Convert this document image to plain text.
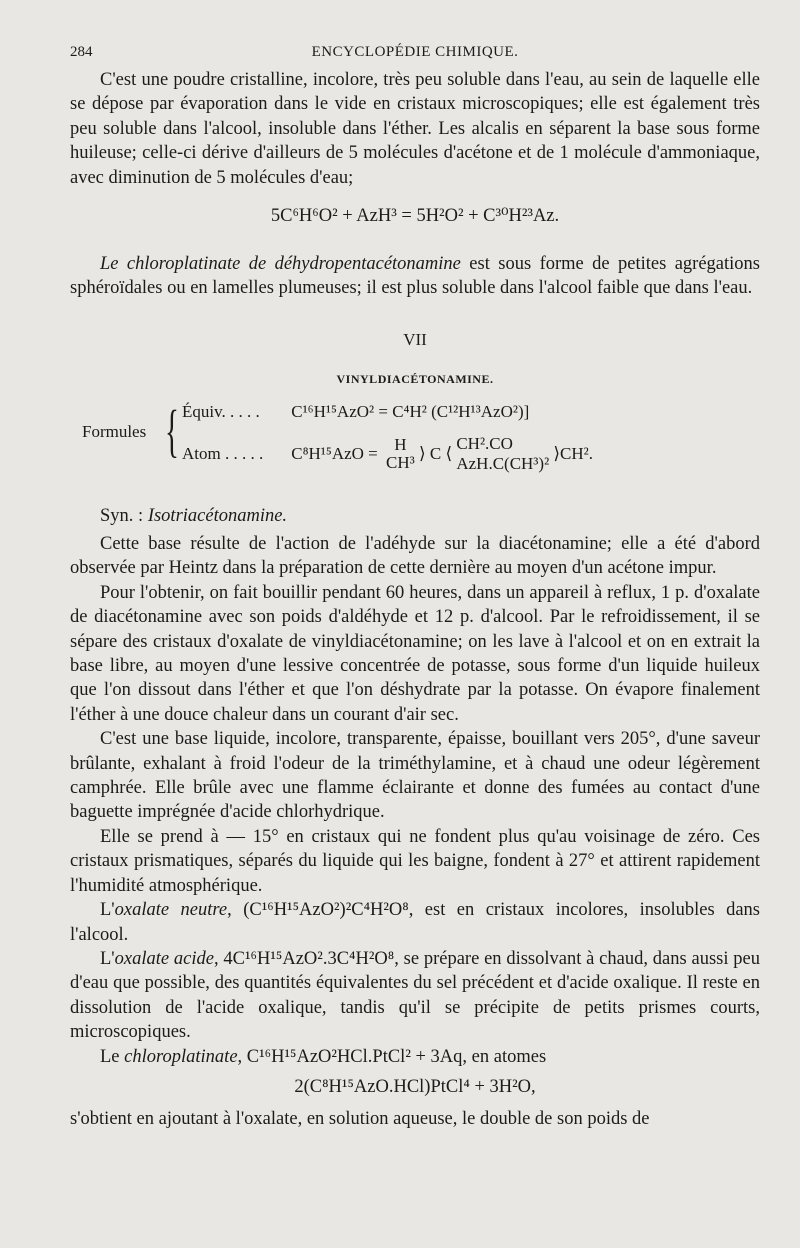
284	ENCYCLOPÉDIE CHIMIQUE.

C'est une poudre cristalline, incolore, très peu soluble dans l'eau, au sein de laquelle elle se dépose par évaporation dans le vide en cristaux microscopiques; elle est également très peu soluble dans l'alcool, insoluble dans l'éther. Les alcalis en séparent la base sous forme huileuse; celle-ci dérive d'ailleurs de 5 molécules d'acétone et de 1 molécule d'ammoniaque, avec diminution de 5 molécules d'eau;

5C⁶H⁶O² + AzH³ = 5H²O² + C³⁰H²³Az.

Le chloroplatinate de déhydropentacétonamine est sous forme de petites agrégations sphéroïdales ou en lamelles plumeuses; il est plus soluble dans l'alcool faible que dans l'eau.

VII
VINYLDIACÉTONAMINE.
Formules { Équiv. . . . . C¹⁶H¹⁵AzO² = C⁴H² (C¹²H¹³AzO²)]
Atom . . . . . C⁸H¹⁵AzO = H
CH³ ⟩ C ⟨
CH².CO
AzH.C(CH³)²
⟩CH².
Syn. : Isotriacétonamine.

Cette base résulte de l'action de l'adéhyde sur la diacétonamine; elle a été d'abord observée par Heintz dans la préparation de cette dernière au moyen d'un acétone impur.

Pour l'obtenir, on fait bouillir pendant 60 heures, dans un appareil à reflux, 1 p. d'oxalate de diacétonamine avec son poids d'aldéhyde et 12 p. d'alcool. Par le refroidissement, il se sépare des cristaux d'oxalate de vinyldiacétonamine; on les lave à l'alcool et on en extrait la base libre, au moyen d'une lessive concentrée de potasse, sous forme d'un liquide huileux que l'on dissout dans l'éther et que l'on déshydrate par la potasse. On évapore finalement l'éther à une douce chaleur dans un courant d'air sec.

C'est une base liquide, incolore, transparente, épaisse, bouillant vers 205°, d'une saveur brûlante, exhalant à froid l'odeur de la triméthylamine, et à chaud une odeur légèrement camphrée. Elle brûle avec une flamme éclairante et donne des fumées au contact d'une baguette imprégnée d'acide chlorhydrique.

Elle se prend à — 15° en cristaux qui ne fondent plus qu'au voisinage de zéro. Ces cristaux prismatiques, séparés du liquide qui les baigne, fondent à 27° et attirent rapidement l'humidité atmosphérique.

L'oxalate neutre, (C¹⁶H¹⁵AzO²)²C⁴H²O⁸, est en cristaux incolores, insolubles dans l'alcool.

L'oxalate acide, 4C¹⁶H¹⁵AzO².3C⁴H²O⁸, se prépare en dissolvant à chaud, dans aussi peu d'eau que possible, des quantités équivalentes du sel précédent et d'acide oxalique. Il reste en dissolution de l'acide oxalique, tandis qu'il se précipite de petits prismes courts, microscopiques.

Le chloroplatinate, C¹⁶H¹⁵AzO²HCl.PtCl² + 3Aq, en atomes

2(C⁸H¹⁵AzO.HCl)PtCl⁴ + 3H²O,

s'obtient en ajoutant à l'oxalate, en solution aqueuse, le double de son poids de
